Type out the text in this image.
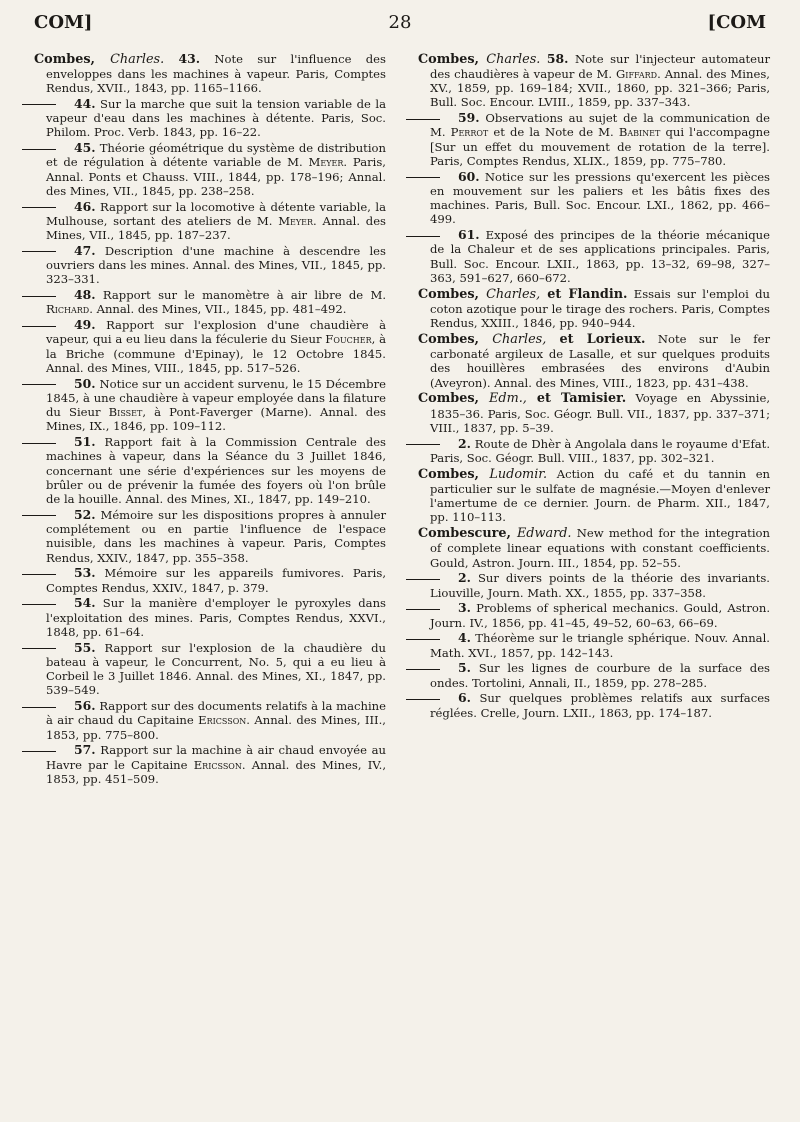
COM]	28	[COM

Combes, Charles. 43. Note sur l'influence des enveloppes dans les machines à vapeur. Paris, Comptes Rendus, XVII., 1843, pp. 1165–1166.

44. Sur la marche que suit la tension variable de la vapeur d'eau dans les machines à détente. Paris, Soc. Philom. Proc. Verb. 1843, pp. 16–22.

45. Théorie géométrique du système de distribution et de régulation à détente variable de M. Meyer. Paris, Annal. Ponts et Chauss. VIII., 1844, pp. 178–196; Annal. des Mines, VII., 1845, pp. 238–258.

46. Rapport sur la locomotive à détente variable, la Mulhouse, sortant des ateliers de M. Meyer. Annal. des Mines, VII., 1845, pp. 187–237.

47. Description d'une machine à descendre les ouvriers dans les mines. Annal. des Mines, VII., 1845, pp. 323–331.

48. Rapport sur le manomètre à air libre de M. Richard. Annal. des Mines, VII., 1845, pp. 481–492.

49. Rapport sur l'explosion d'une chaudière à vapeur, qui a eu lieu dans la féculerie du Sieur Foucher, à la Briche (commune d'Epinay), le 12 Octobre 1845. Annal. des Mines, VIII., 1845, pp. 517–526.

50. Notice sur un accident survenu, le 15 Décembre 1845, à une chaudière à vapeur employée dans la filature du Sieur Bisset, à Pont-Faverger (Marne). Annal. des Mines, IX., 1846, pp. 109–112.

51. Rapport fait à la Commission Centrale des machines à vapeur, dans la Séance du 3 Juillet 1846, concernant une série d'expériences sur les moyens de brûler ou de prévenir la fumée des foyers où l'on brûle de la houille. Annal. des Mines, XI., 1847, pp. 149–210.

52. Mémoire sur les dispositions propres à annuler complétement ou en partie l'influence de l'espace nuisible, dans les machines à vapeur. Paris, Comptes Rendus, XXIV., 1847, pp. 355–358.

53. Mémoire sur les appareils fumivores. Paris, Comptes Rendus, XXIV., 1847, p. 379.

54. Sur la manière d'employer le pyroxyles dans l'exploitation des mines. Paris, Comptes Rendus, XXVI., 1848, pp. 61–64.

55. Rapport sur l'explosion de la chaudière du bateau à vapeur, le Concurrent, No. 5, qui a eu lieu à Corbeil le 3 Juillet 1846. Annal. des Mines, XI., 1847, pp. 539–549.

56. Rapport sur des documents relatifs à la machine à air chaud du Capitaine Ericsson. Annal. des Mines, III., 1853, pp. 775–800.

57. Rapport sur la machine à air chaud envoyée au Havre par le Capitaine Ericsson. Annal. des Mines, IV., 1853, pp. 451–509.

Combes, Charles. 58. Note sur l'injecteur automateur des chaudières à vapeur de M. Giffard. Annal. des Mines, XV., 1859, pp. 169–184; XVII., 1860, pp. 321–366; Paris, Bull. Soc. Encour. LVIII., 1859, pp. 337–343.

59. Observations au sujet de la communication de M. Perrot et de la Note de M. Babinet qui l'accompagne [Sur un effet du mouvement de rotation de la terre]. Paris, Comptes Rendus, XLIX., 1859, pp. 775–780.

60. Notice sur les pressions qu'exercent les pièces en mouvement sur les paliers et les bâtis fixes des machines. Paris, Bull. Soc. Encour. LXI., 1862, pp. 466–499.

61. Exposé des principes de la théorie mécanique de la Chaleur et de ses applications principales. Paris, Bull. Soc. Encour. LXII., 1863, pp. 13–32, 69–98, 327–363, 591–627, 660–672.

Combes, Charles, et Flandin. Essais sur l'emploi du coton azotique pour le tirage des rochers. Paris, Comptes Rendus, XXIII., 1846, pp. 940–944.

Combes, Charles, et Lorieux. Note sur le fer carbonaté argileux de Lasalle, et sur quelques produits des houillères embrasées des environs d'Aubin (Aveyron). Annal. des Mines, VIII., 1823, pp. 431–438.

Combes, Edm., et Tamisier. Voyage en Abyssinie, 1835–36. Paris, Soc. Géogr. Bull. VII., 1837, pp. 337–371; VIII., 1837, pp. 5–39.

2. Route de Dhèr à Angolala dans le royaume d'Efat. Paris, Soc. Géogr. Bull. VIII., 1837, pp. 302–321.

Combes, Ludomir. Action du café et du tannin en particulier sur le sulfate de magnésie.—Moyen d'enlever l'amertume de ce dernier. Journ. de Pharm. XII., 1847, pp. 110–113.

Combescure, Edward. New method for the integration of complete linear equations with constant coefficients. Gould, Astron. Journ. III., 1854, pp. 52–55.

2. Sur divers points de la théorie des invariants. Liouville, Journ. Math. XX., 1855, pp. 337–358.

3. Problems of spherical mechanics. Gould, Astron. Journ. IV., 1856, pp. 41–45, 49–52, 60–63, 66–69.

4. Théorème sur le triangle sphérique. Nouv. Annal. Math. XVI., 1857, pp. 142–143.

5. Sur les lignes de courbure de la surface des ondes. Tortolini, Annali, II., 1859, pp. 278–285.

6. Sur quelques problèmes relatifs aux surfaces réglées. Crelle, Journ. LXII., 1863, pp. 174–187.
